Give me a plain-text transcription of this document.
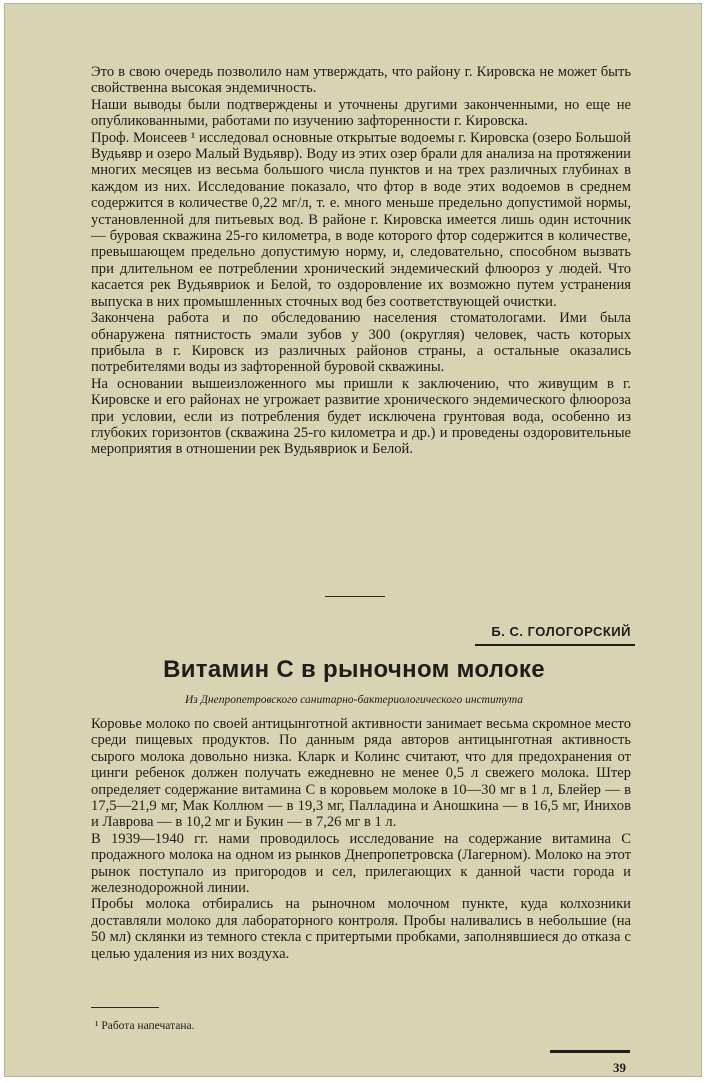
Это в свою очередь позволило нам утверждать, что району г. Кировска не может быть свойственна высокая эндемичность.

Наши выводы были подтверждены и уточнены другими законченными, но еще не опубликованными, работами по изучению зафторенности г. Кировска.

Проф. Моисеев ¹ исследовал основные открытые водоемы г. Кировска (озеро Большой Вудьявр и озеро Малый Вудьявр). Воду из этих озер брали для анализа на протяжении многих месяцев из весьма большого числа пунктов и на трех различных глубинах в каждом из них. Исследование показало, что фтор в воде этих водоемов в среднем содержится в количестве 0,22 мг/л, т. е. много меньше предельно допустимой нормы, установленной для питьевых вод. В районе г. Кировска имеется лишь один источник — буровая скважина 25-го километра, в воде которого фтор содержится в количестве, превышающем предельно допустимую норму, и, следовательно, способном вызвать при длительном ее потреблении хронический эндемический флюороз у людей. Что касается рек Вудьявриок и Белой, то оздоровление их возможно путем устранения выпуска в них промышленных сточных вод без соответствующей очистки.

Закончена работа и по обследованию населения стоматологами. Ими была обнаружена пятнистость эмали зубов у 300 (округляя) человек, часть которых прибыла в г. Кировск из различных районов страны, а остальные оказались потребителями воды из зафторенной буровой скважины.

На основании вышеизложенного мы пришли к заключению, что живущим в г. Кировске и его районах не угрожает развитие хронического эндемического флюороза при условии, если из потребления будет исключена грунтовая вода, особенно из глубоких горизонтов (скважина 25-го километра и др.) и проведены оздоровительные мероприятия в отношении рек Вудьявриок и Белой.

Б. С. ГОЛОГОРСКИЙ
Витамин С в рыночном молоке
Из Днепропетровского санитарно-бактериологического института

Коровье молоко по своей антицынготной активности занимает весьма скромное место среди пищевых продуктов. По данным ряда авторов антицынготная активность сырого молока довольно низка. Кларк и Колинс считают, что для предохранения от цинги ребенок должен получать ежедневно не менее 0,5 л свежего молока. Штер определяет содержание витамина С в коровьем молоке в 10—30 мг в 1 л, Блейер — в 17,5—21,9 мг, Мак Коллюм — в 19,3 мг, Палладина и Аношкина — в 16,5 мг, Инихов и Лаврова — в 10,2 мг и Букин — в 7,26 мг в 1 л.

В 1939—1940 гг. нами проводилось исследование на содержание витамина С продажного молока на одном из рынков Днепропетровска (Лагерном). Молоко на этот рынок поступало из пригородов и сел, прилегающих к данной части города и железнодорожной линии.

Пробы молока отбирались на рыночном молочном пункте, куда колхозники доставляли молоко для лабораторного контроля. Пробы наливались в небольшие (на 50 мл) склянки из темного стекла с притертыми пробками, заполнявшиеся до отказа с целью удаления из них воздуха.

¹ Работа напечатана.
39
